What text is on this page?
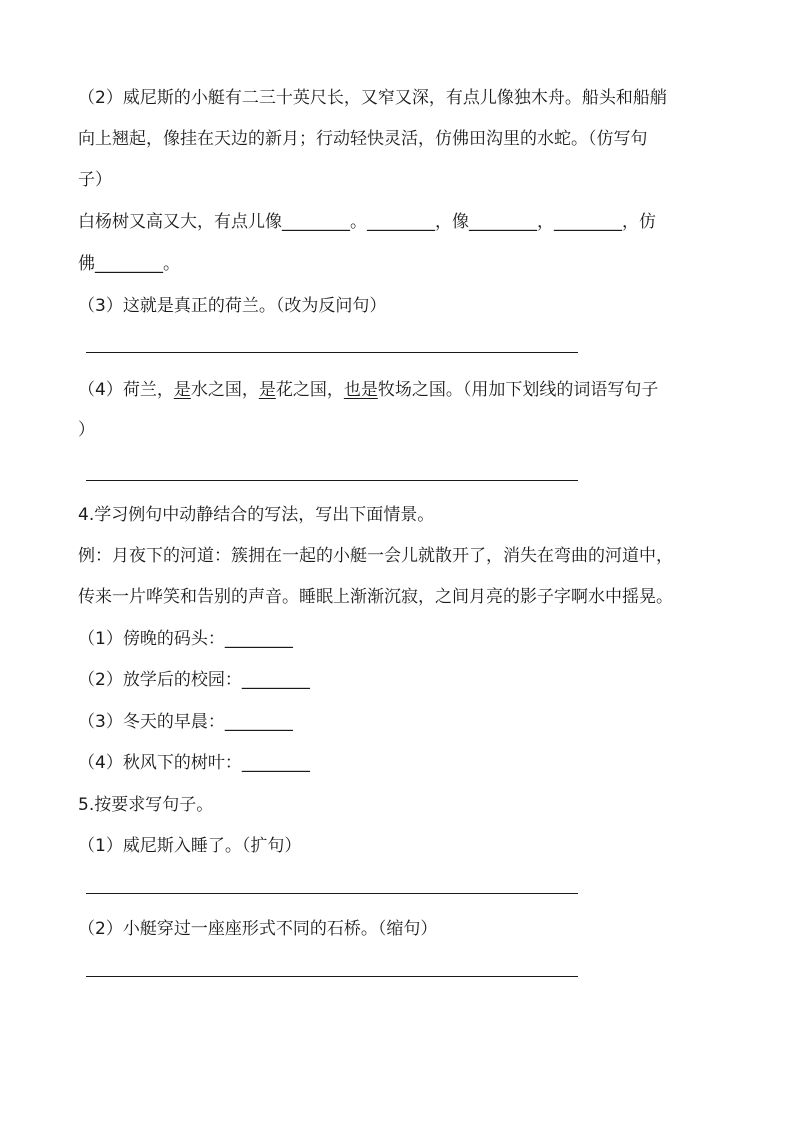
（2）威尼斯的小艇有二三十英尺长，又窄又深，有点儿像独木舟。船头和船艄
向上翘起，像挂在天边的新月；行动轻快灵活，仿佛田沟里的水蛇。（仿写句
子）
白杨树又高又大，有点儿像________。________，像________，________，仿
佛________。
（3）这就是真正的荷兰。（改为反问句）
（4）荷兰，是水之国，是花之国，也是牧场之国。（用加下划线的词语写句子
）
4.学习例句中动静结合的写法，写出下面情景。
例：月夜下的河道：簇拥在一起的小艇一会儿就散开了，消失在弯曲的河道中，
传来一片哗笑和告别的声音。睡眠上渐渐沉寂，之间月亮的影子字啊水中摇晃。
（1）傍晚的码头：________
（2）放学后的校园：________
（3）冬天的早晨：________
（4）秋风下的树叶：________
5.按要求写句子。
（1）威尼斯入睡了。（扩句）
（2）小艇穿过一座座形式不同的石桥。（缩句）
